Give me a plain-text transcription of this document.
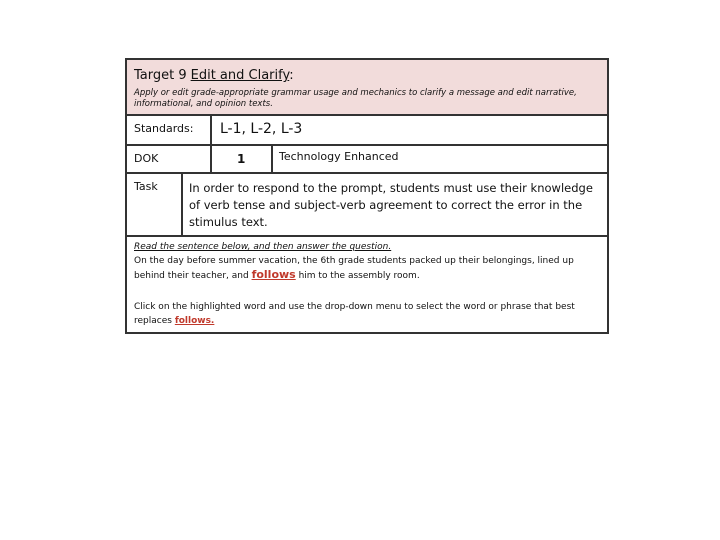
Target 9 Edit and Clarify:
Apply or edit grade-appropriate grammar usage and mechanics to clarify a message and edit narrative, informational, and opinion texts.
Standards: L-1, L-2, L-3
DOK	1	Technology Enhanced
Task	In order to respond to the prompt, students must use their knowledge of verb tense and subject-verb agreement to correct the error in the stimulus text.
Read the sentence below, and then answer the question.
On the day before summer vacation, the 6th grade students packed up their belongings, lined up behind their teacher, and follows him to the assembly room.
Click on the highlighted word and use the drop-down menu to select the word or phrase that best replaces follows.
